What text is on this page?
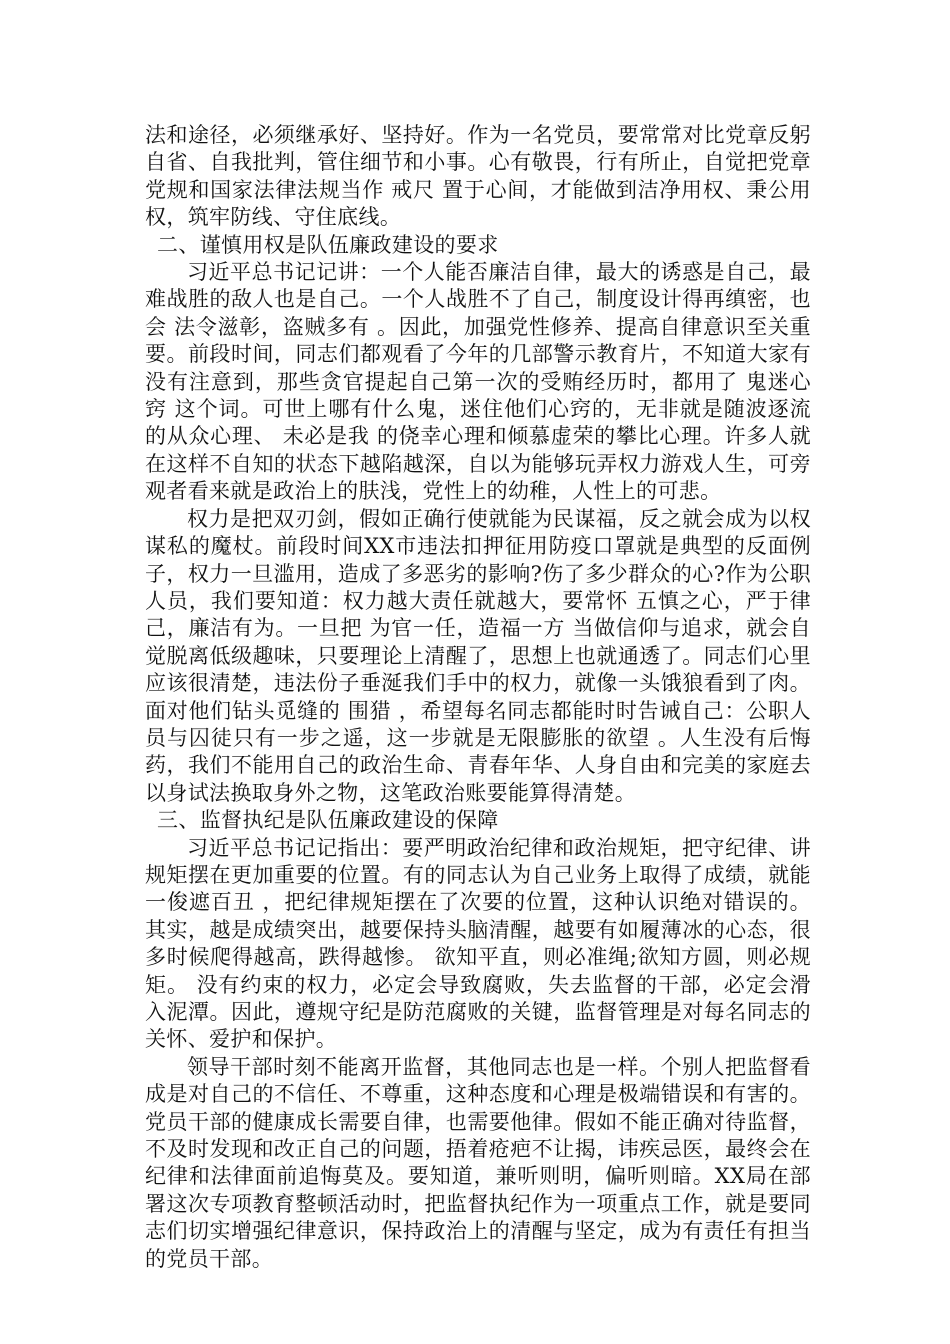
法和途径，必须继承好、坚持好。作为一名党员，要常常对比党章反躬自省、自我批判，管住细节和小事。心有敬畏，行有所止，自觉把党章党规和国家法律法规当作 戒尺 置于心间，才能做到洁净用权、秉公用权，筑牢防线、守住底线。

二、谨慎用权是队伍廉政建设的要求

习近平总书记记讲：一个人能否廉洁自律，最大的诱惑是自己，最难战胜的敌人也是自己。一个人战胜不了自己，制度设计得再缜密，也会 法令滋彰，盗贼多有 。因此，加强党性修养、提高自律意识至关重要。前段时间，同志们都观看了今年的几部警示教育片，不知道大家有没有注意到，那些贪官提起自己第一次的受贿经历时，都用了 鬼迷心窍 这个词。可世上哪有什么鬼，迷住他们心窍的，无非就是随波逐流的从众心理、 未必是我 的侥幸心理和倾慕虚荣的攀比心理。许多人就在这样不自知的状态下越陷越深，自以为能够玩弄权力游戏人生，可旁观者看来就是政治上的肤浅，党性上的幼稚，人性上的可悲。

权力是把双刃剑，假如正确行使就能为民谋福，反之就会成为以权谋私的魔杖。前段时间XX市违法扣押征用防疫口罩就是典型的反面例子，权力一旦滥用，造成了多恶劣的影响?伤了多少群众的心?作为公职人员，我们要知道：权力越大责任就越大，要常怀 五慎之心，严于律己，廉洁有为。一旦把 为官一任，造福一方 当做信仰与追求，就会自觉脱离低级趣味，只要理论上清醒了，思想上也就通透了。同志们心里应该很清楚，违法份子垂涎我们手中的权力，就像一头饿狼看到了肉。面对他们钻头觅缝的 围猎 ，希望每名同志都能时时告诫自己：公职人员与囚徒只有一步之遥，这一步就是无限膨胀的欲望 。人生没有后悔药，我们不能用自己的政治生命、青春年华、人身自由和完美的家庭去以身试法换取身外之物，这笔政治账要能算得清楚。

三、监督执纪是队伍廉政建设的保障

习近平总书记记指出：要严明政治纪律和政治规矩，把守纪律、讲规矩摆在更加重要的位置。有的同志认为自己业务上取得了成绩，就能 一俊遮百丑 ，把纪律规矩摆在了次要的位置，这种认识绝对错误的。其实，越是成绩突出，越要保持头脑清醒，越要有如履薄冰的心态，很多时候爬得越高，跌得越惨。 欲知平直，则必准绳;欲知方圆，则必规矩。 没有约束的权力，必定会导致腐败，失去监督的干部，必定会滑入泥潭。因此，遵规守纪是防范腐败的关键，监督管理是对每名同志的关怀、爱护和保护。

领导干部时刻不能离开监督，其他同志也是一样。个别人把监督看成是对自己的不信任、不尊重，这种态度和心理是极端错误和有害的。党员干部的健康成长需要自律，也需要他律。假如不能正确对待监督，不及时发现和改正自己的问题，捂着疮疤不让揭，讳疾忌医，最终会在纪律和法律面前追悔莫及。要知道，兼听则明，偏听则暗。XX局在部署这次专项教育整顿活动时，把监督执纪作为一项重点工作，就是要同志们切实增强纪律意识，保持政治上的清醒与坚定，成为有责任有担当的党员干部。
